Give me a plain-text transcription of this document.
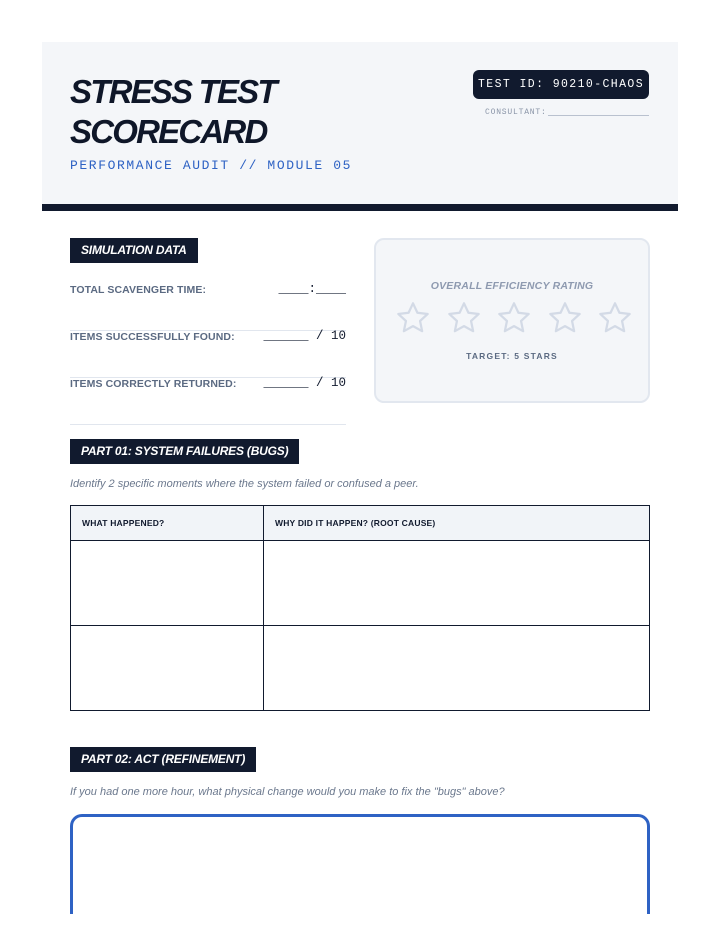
STRESS TEST SCORECARD
PERFORMANCE AUDIT // MODULE 05
TEST ID: 90210-CHAOS
CONSULTANT:
SIMULATION DATA
TOTAL SCAVENGER TIME:	____:____
ITEMS SUCCESSFULLY FOUND: ______ / 10
ITEMS CORRECTLY RETURNED: ______ / 10
OVERALL EFFICIENCY RATING
TARGET: 5 STARS
PART 01: SYSTEM FAILURES (BUGS)
Identify 2 specific moments where the system failed or confused a peer.
WHAT HAPPENED?	WHY DID IT HAPPEN? (ROOT CAUSE)
PART 02: ACT (REFINEMENT)
If you had one more hour, what physical change would you make to fix the "bugs" above?
